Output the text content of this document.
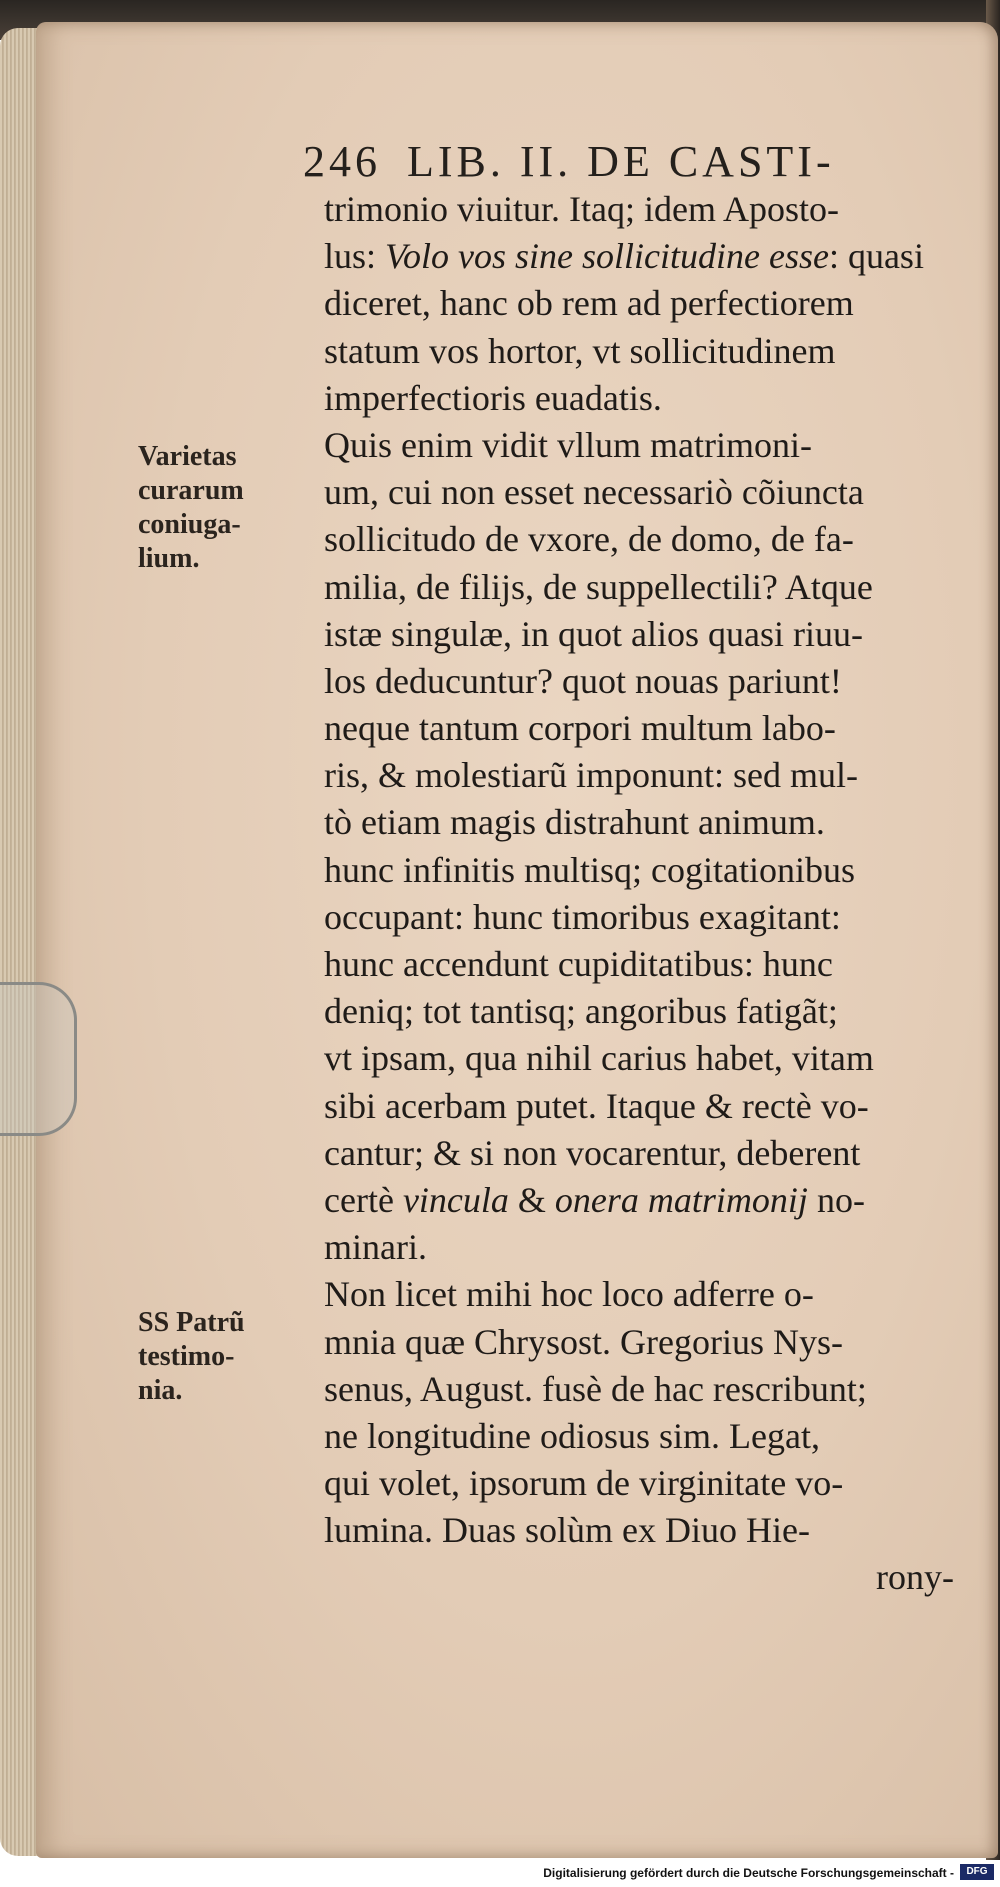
246 LIB. II. DE CASTI-
trimonio viuitur. Itaq; idem Aposto-
lus: Volo vos sine sollicitudine esse: quasi
diceret, hanc ob rem ad perfectiorem
statum vos hortor, vt sollicitudinem
imperfectioris euadatis.
Quis enim vidit vllum matrimoni-
um, cui non esset necessariò cõiuncta
sollicitudo de vxore, de domo, de fa-
milia, de filijs, de suppellectili? Atque
istæ singulæ, in quot alios quasi riuu-
los deducuntur? quot nouas pariunt!
neque tantum corpori multum labo-
ris, & molestiarũ imponunt: sed mul-
tò etiam magis distrahunt animum.
hunc infinitis multisq; cogitationibus
occupant: hunc timoribus exagitant:
hunc accendunt cupiditatibus: hunc
deniq; tot tantisq; angoribus fatigãt;
vt ipsam, qua nihil carius habet, vitam
sibi acerbam putet. Itaque & rectè vo-
cantur; & si non vocarentur, deberent
certè vincula & onera matrimonij no-
minari.
Non licet mihi hoc loco adferre o-
mnia quæ Chrysost. Gregorius Nys-
senus, August. fusè de hac rescribunt;
ne longitudine odiosus sim. Legat,
qui volet, ipsorum de virginitate vo-
lumina. Duas solùm ex Diuo Hie-
rony-
Varietas
curarum
coniuga-
lium.
SS Patrũ
testimo-
nia.
Digitalisierung gefördert durch die Deutsche Forschungsgemeinschaft -	DFG
